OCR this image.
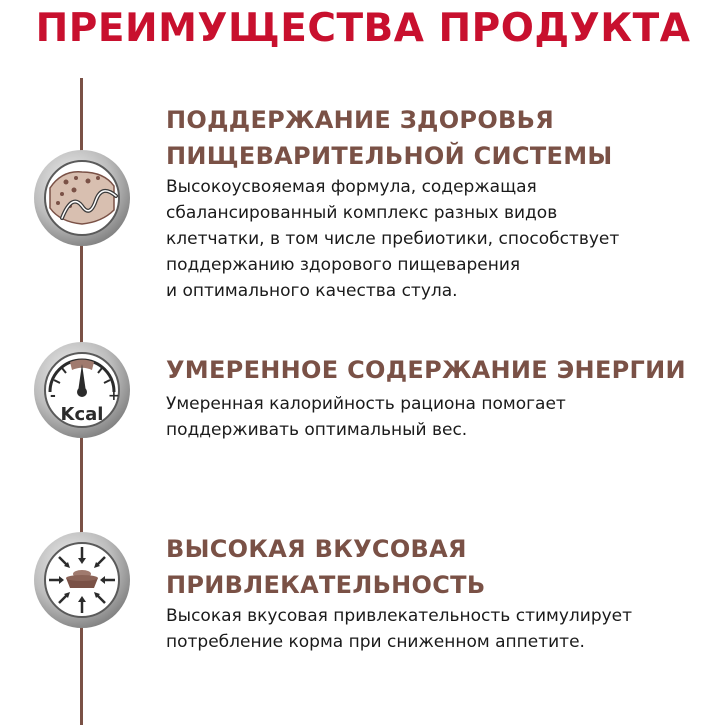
ПРЕИМУЩЕСТВА ПРОДУКТА
ПОДДЕРЖАНИЕ ЗДОРОВЬЯ
ПИЩЕВАРИТЕЛЬНОЙ СИСТЕМЫ

Высокоусвояемая формула, содержащая
сбалансированный комплекс разных видов
клетчатки, в том числе пребиотики, способствует
поддержанию здорового пищеварения
и оптимального качества стула.

-	+
Kcal
УМЕРЕННОЕ СОДЕРЖАНИЕ ЭНЕРГИИ

Умеренная калорийность рациона помогает
поддерживать оптимальный вес.

ВЫСОКАЯ ВКУСОВАЯ
ПРИВЛЕКАТЕЛЬНОСТЬ

Высокая вкусовая привлекательность стимулирует
потребление корма при сниженном аппетите.
